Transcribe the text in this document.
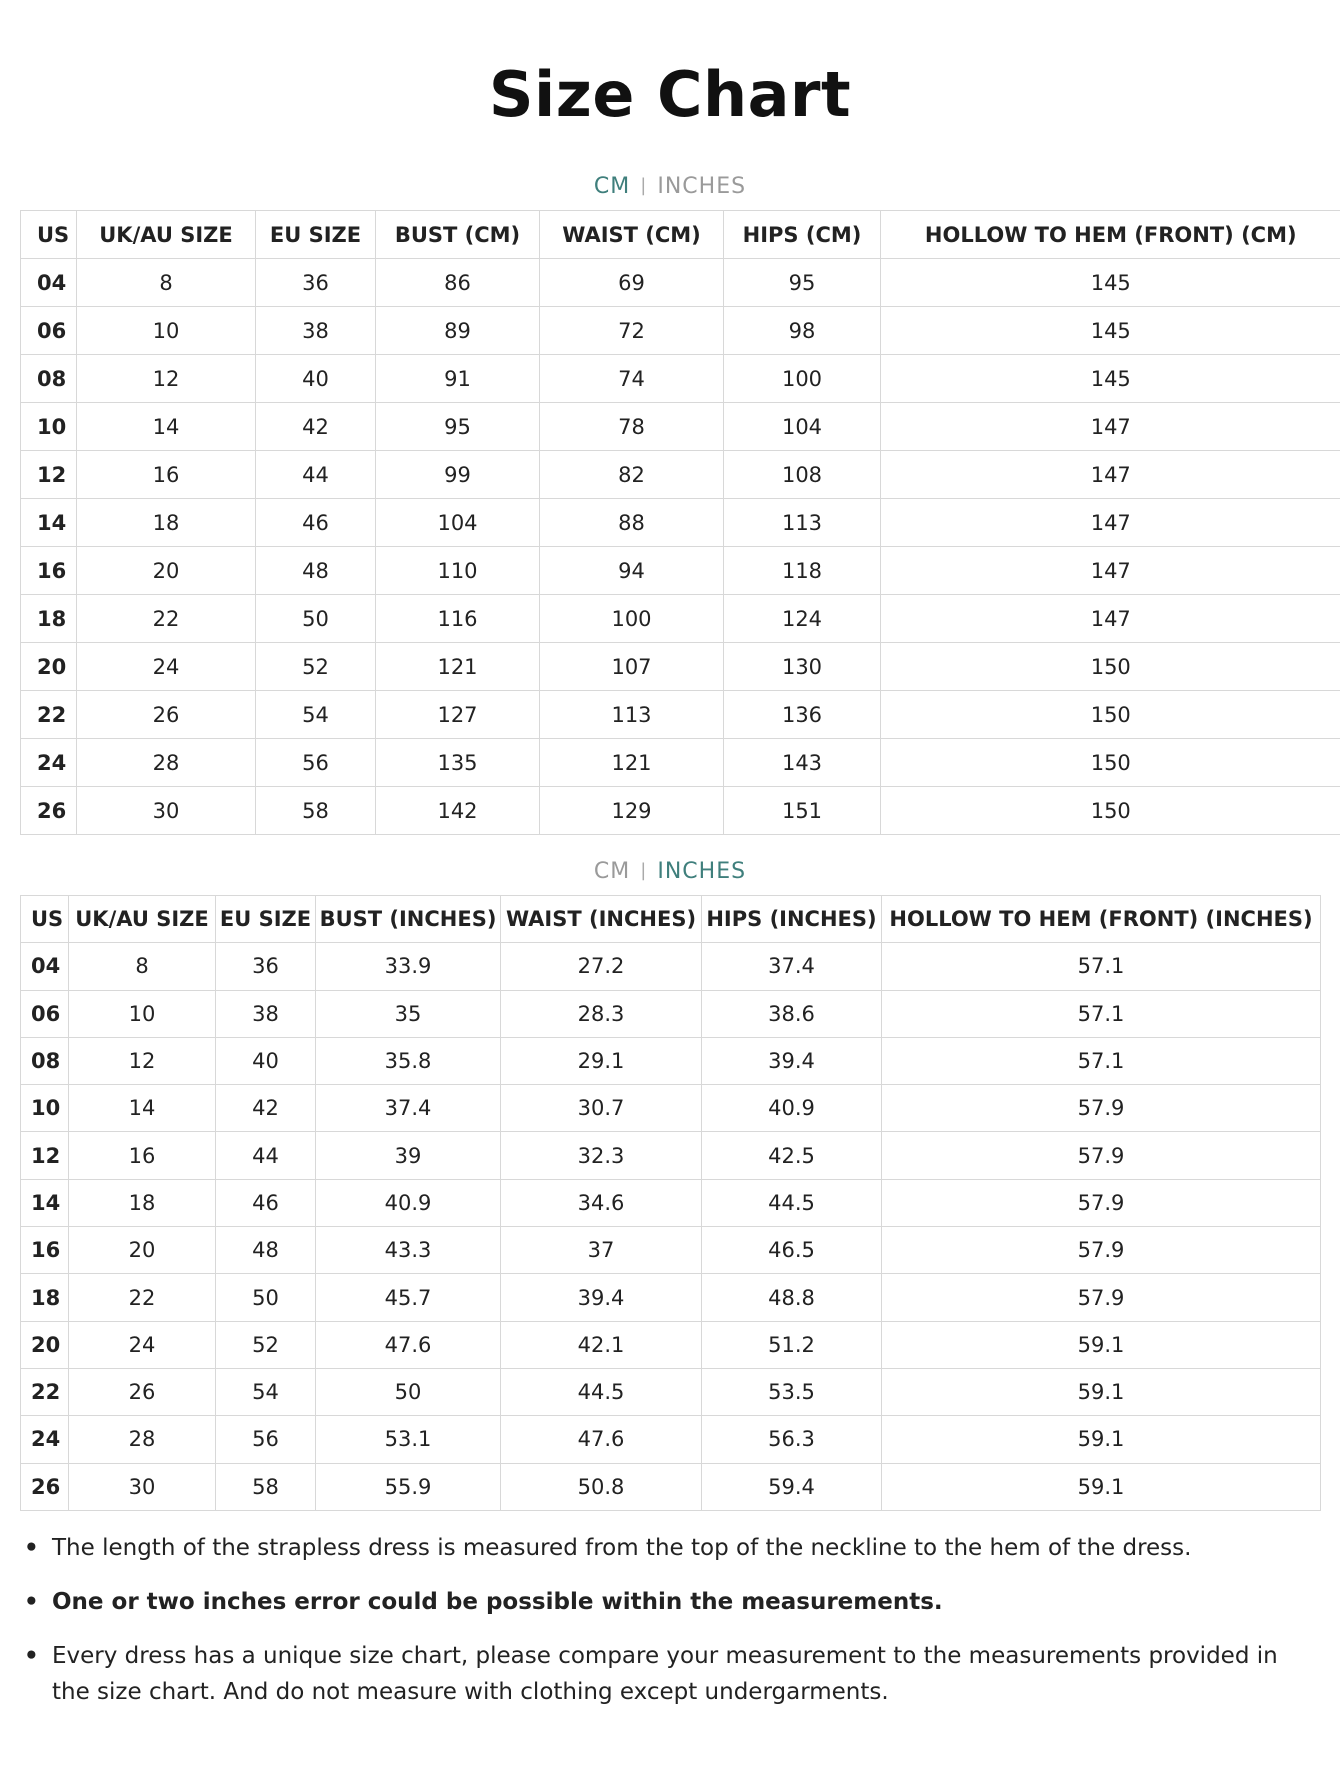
Size Chart
CM | INCHES
US	UK/AU SIZE	EU SIZE	BUST (CM)	WAIST (CM)	HIPS (CM)	HOLLOW TO HEM (FRONT) (CM)
04	8	36	86	69	95	145
06	10	38	89	72	98	145
08	12	40	91	74	100	145
10	14	42	95	78	104	147
12	16	44	99	82	108	147
14	18	46	104	88	113	147
16	20	48	110	94	118	147
18	22	50	116	100	124	147
20	24	52	121	107	130	150
22	26	54	127	113	136	150
24	28	56	135	121	143	150
26	30	58	142	129	151	150
CM | INCHES
US	UK/AU SIZE	EU SIZE	BUST (INCHES)	WAIST (INCHES)	HIPS (INCHES)	HOLLOW TO HEM (FRONT) (INCHES)
04	8	36	33.9	27.2	37.4	57.1
06	10	38	35	28.3	38.6	57.1
08	12	40	35.8	29.1	39.4	57.1
10	14	42	37.4	30.7	40.9	57.9
12	16	44	39	32.3	42.5	57.9
14	18	46	40.9	34.6	44.5	57.9
16	20	48	43.3	37	46.5	57.9
18	22	50	45.7	39.4	48.8	57.9
20	24	52	47.6	42.1	51.2	59.1
22	26	54	50	44.5	53.5	59.1
24	28	56	53.1	47.6	56.3	59.1
26	30	58	55.9	50.8	59.4	59.1
• The length of the strapless dress is measured from the top of the neckline to the hem of the dress.
• One or two inches error could be possible within the measurements.
• Every dress has a unique size chart, please compare your measurement to the measurements provided in the size chart. And do not measure with clothing except undergarments.
